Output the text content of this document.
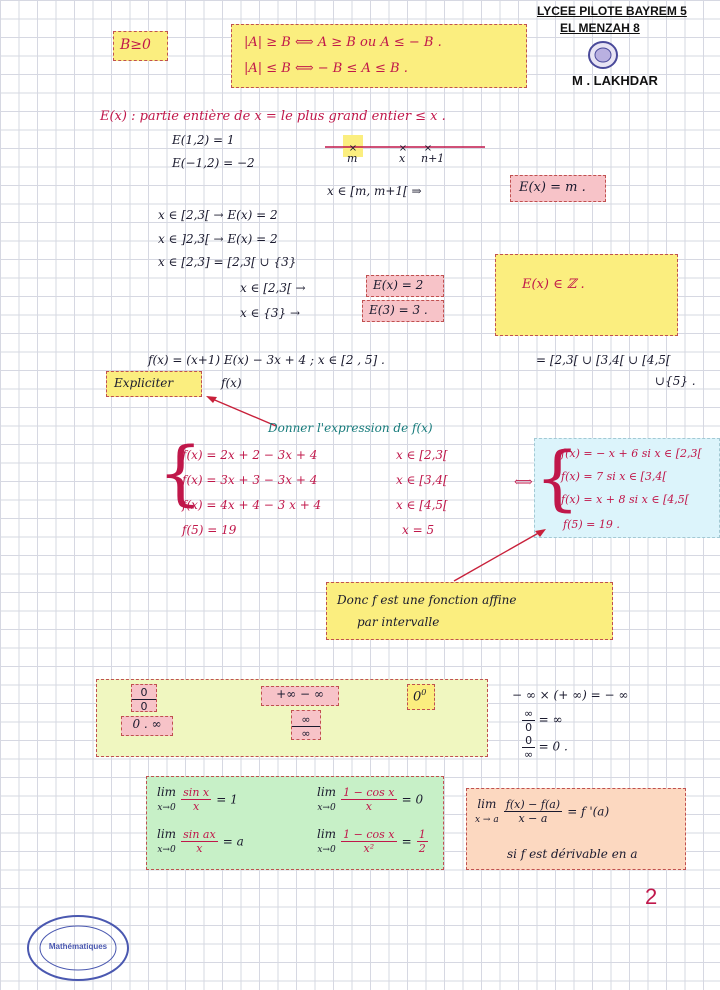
LYCEE PILOTE BAYREM 5
EL MENZAH 8
M . LAKHDAR
B≥0	|A| ≥ B ⟺ A ≥ B ou A ≤ − B .
|A| ≤ B ⟺ − B ≤ A ≤ B .
E(x) : partie entière de x = le plus grand entier ≤ x .
E(1,2) = 1
E(−1,2) = −2
×	× ×
m	x n+1
x ∈ [m, m+1[ ⇒	E(x) = m .
x ∈ [2,3[ → E(x) = 2
x ∈ ]2,3[ → E(x) = 2
x ∈ [2,3] = [2,3[ ∪ {3}
x ∈ [2,3[ →	E(x) = 2
x ∈ {3} →	E(3) = 3 .
E(x) ∈ ℤ .
f(x) = (x+1) E(x) − 3x + 4 ; x ∈ [2 , 5] .	= [2,3[ ∪ [3,4[ ∪ [4,5[
∪{5} .
Expliciter	f(x)
Donner l'expression de f(x)
{
f(x) = 2x + 2 − 3x + 4	x ∈ [2,3[
f(x) = 3x + 3 − 3x + 4	x ∈ [3,4[
f(x) = 4x + 4 − 3 x + 4	x ∈ [4,5[
f(5) = 19	x = 5
⟺ {
f(x) = − x + 6 si x ∈ [2,3[
f(x) = 7 si x ∈ [3,4[
f(x) = x + 8 si x ∈ [4,5[
f(5) = 19 .
Donc f est une fonction affine
par intervalle
$\frac{0}{0}$
0 . ∞
+∞ − ∞
$\frac{\infty}{\infty}$
$0^0$	− ∞ × (+ ∞) = − ∞
$\frac{\infty}{0}$ = ∞
$\frac{0}{\infty} = 0$ .
lim
$x\to 0 \frac{\text{sin x}}{x} = 1$
lim
$x\to 0 \frac{\text{1 − cos x}}{x} = 0$
lim
$x\to 0 \frac{\text{sin ax}}{x} = a$
lim
$x\to 0 \frac{\text{1 − cos x}}{\text{x²}} = \frac{1}{2}$
lim
x → a $\frac{f(x) - f(a)}{x - a} = f$ '(a)
si f est dérivable en a
2
Mathématiques
